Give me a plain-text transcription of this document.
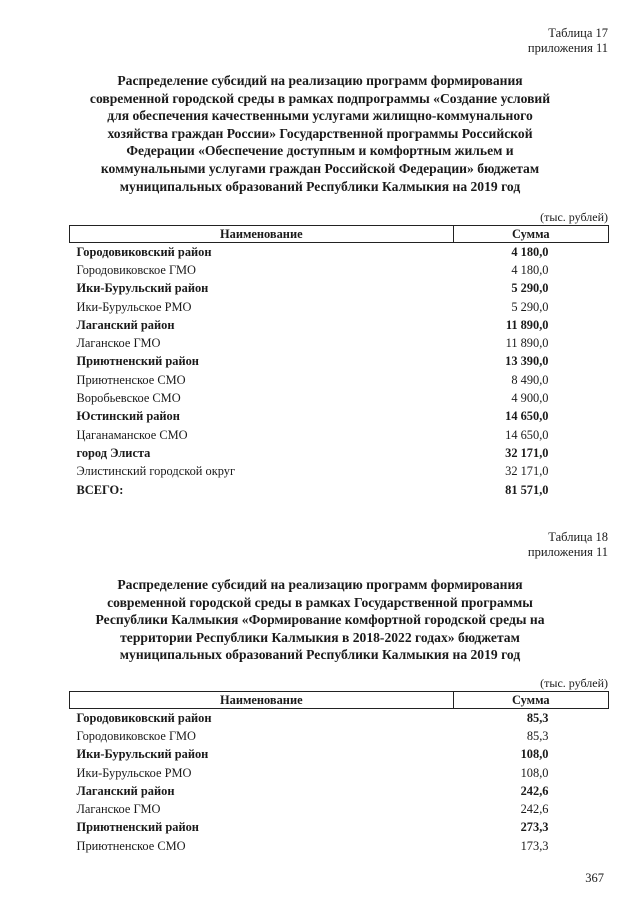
Таблица 17
приложения 11
Распределение субсидий на реализацию программ формирования
современной городской среды в рамках подпрограммы «Создание условий
для обеспечения качественными услугами жилищно-коммунального
хозяйства граждан России» Государственной программы Российской
Федерации «Обеспечение доступным и комфортным жильем и
коммунальными услугами граждан Российской Федерации» бюджетам
муниципальных образований Республики Калмыкия на 2019 год
(тыс. рублей)
Наименование	Сумма
Городовиковский район	4 180,0
Городовиковское ГМО	4 180,0
Ики-Бурульский район	5 290,0
Ики-Бурульское РМО	5 290,0
Лаганский район	11 890,0
Лаганское ГМО	11 890,0
Приютненский район	13 390,0
Приютненское СМО	8 490,0
Воробьевское СМО	4 900,0
Юстинский район	14 650,0
Цаганаманское СМО	14 650,0
город Элиста	32 171,0
Элистинский городской округ	32 171,0
ВСЕГО:	81 571,0
Таблица 18
приложения 11
Распределение субсидий на реализацию программ формирования
современной городской среды в рамках Государственной программы
Республики Калмыкия «Формирование комфортной городской среды на
территории Республики Калмыкия в 2018-2022 годах» бюджетам
муниципальных образований Республики Калмыкия на 2019 год
(тыс. рублей)
Наименование	Сумма
Городовиковский район	85,3
Городовиковское ГМО	85,3
Ики-Бурульский район	108,0
Ики-Бурульское РМО	108,0
Лаганский район	242,6
Лаганское ГМО	242,6
Приютненский район	273,3
Приютненское СМО	173,3
367
